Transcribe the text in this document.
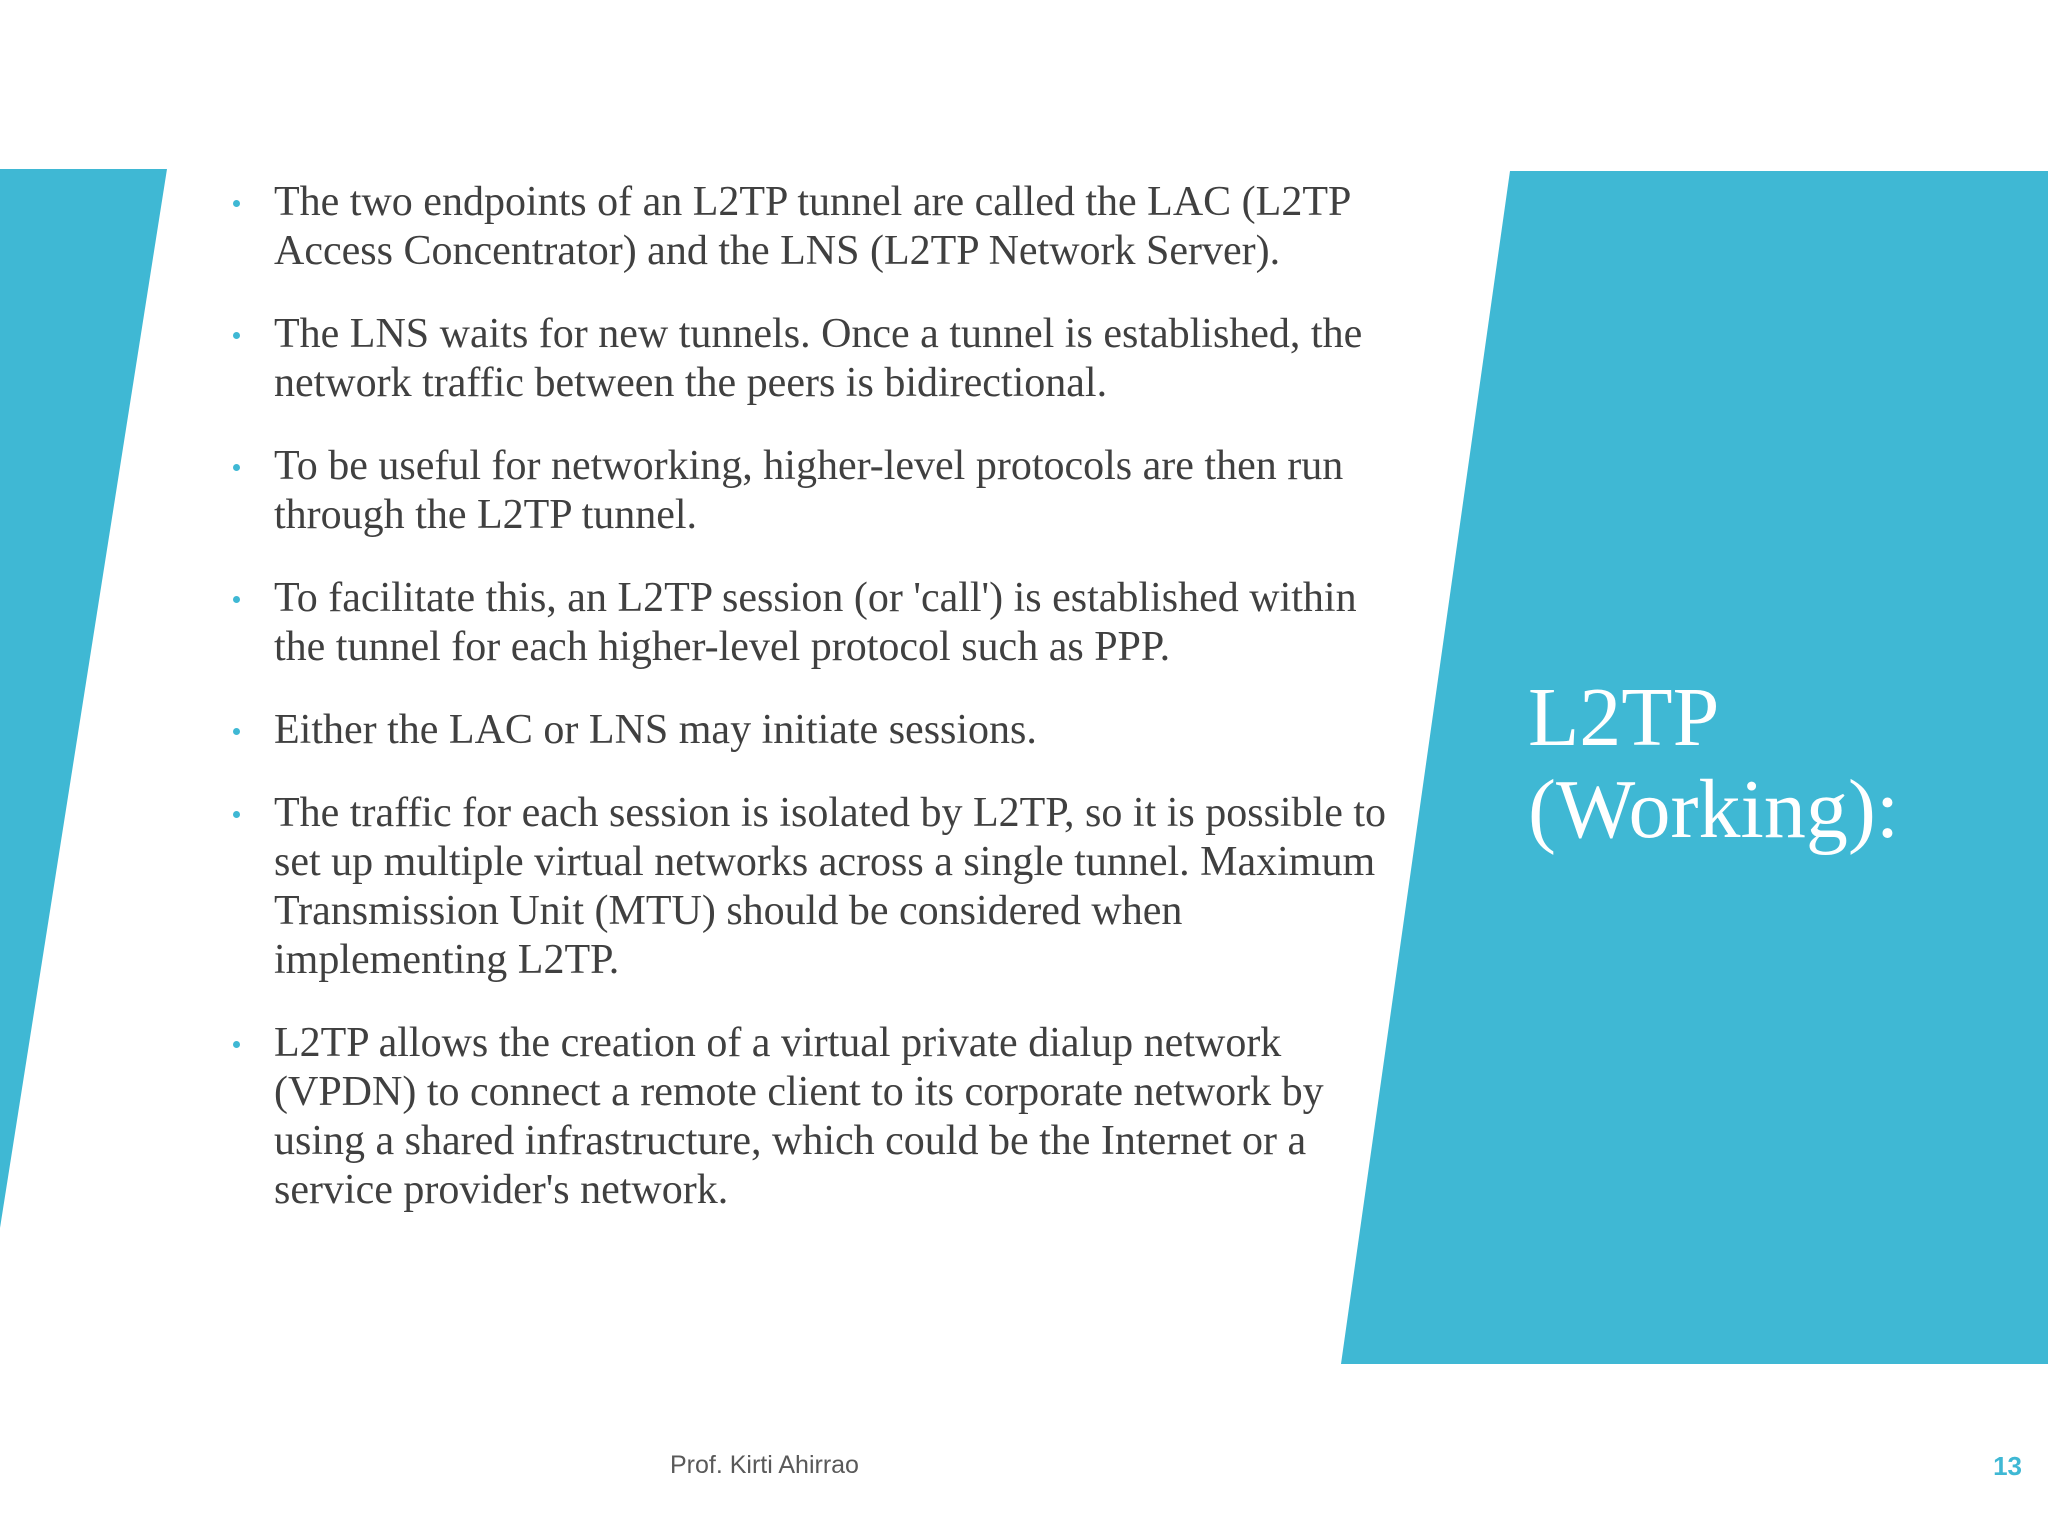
The two endpoints of an L2TP tunnel are called the LAC (L2TP Access Concentrator) and the LNS (L2TP Network Server).
The LNS waits for new tunnels. Once a tunnel is established, the network traffic between the peers is bidirectional.
To be useful for networking, higher-level protocols are then run through the L2TP tunnel.
To facilitate this, an L2TP session (or 'call') is established within the tunnel for each higher-level protocol such as PPP.
Either the LAC or LNS may initiate sessions.
The traffic for each session is isolated by L2TP, so it is possible to set up multiple virtual networks across a single tunnel. Maximum Transmission Unit (MTU) should be considered when implementing L2TP.
L2TP allows the creation of a virtual private dialup network (VPDN) to connect a remote client to its corporate network by using a shared infrastructure, which could be the Internet or a service provider's network.
L2TP
(Working):
Prof. Kirti Ahirrao	13
